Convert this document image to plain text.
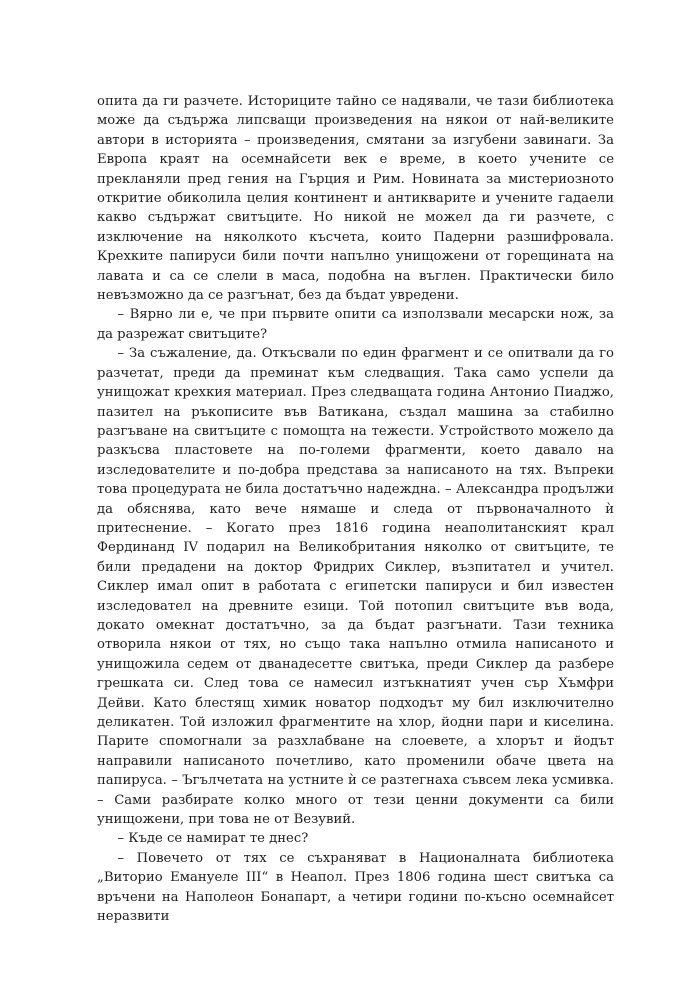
опита да ги разчете. Историците тайно се надявали, че тази библиотека може да съдържа липсващи произведения на някои от най-великите автори в историята – произведения, смятани за изгубени завинаги. За Европа краят на осемнайсети век е време, в което учените се прекланяли пред гения на Гърция и Рим. Новината за мистериозното откритие обиколила целия континент и антикварите и учените гадаели какво съдържат свитъците. Но никой не можел да ги разчете, с изключение на няколкото късчета, които Падерни разшифровала. Крехките папируси били почти напълно унищожени от горещината на лавата и са се слели в маса, подобна на въглен. Практически било невъзможно да се разгънат, без да бъдат увредени.

– Вярно ли е, че при първите опити са използвали месарски нож, за да разрежат свитъците?

– За съжаление, да. Откъсвали по един фрагмент и се опитвали да го разчетат, преди да преминат към следващия. Така само успели да унищожат крехкия материал. През следващата година Антонио Пиаджо, пазител на ръкописите във Ватикана, създал машина за стабилно разгъване на свитъците с помощта на тежести. Устройството можело да разкъсва пластовете на по-големи фрагменти, което давало на изследователите и по-добра представа за написаното на тях. Въпреки това процедурата не била достатъчно надеждна. – Александра продължи да обяснява, като вече нямаше и следа от първоначалното ѝ притеснение. – Когато през 1816 година неаполитанският крал Фердинанд IV подарил на Великобритания няколко от свитъците, те били предадени на доктор Фридрих Сиклер, възпитател и учител. Сиклер имал опит в работата с египетски папируси и бил известен изследовател на древните езици. Той потопил свитъците във вода, докато омекнат достатъчно, за да бъдат разгънати. Тази техника отворила някои от тях, но също така напълно отмила написаното и унищожила седем от дванадесетте свитъка, преди Сиклер да разбере грешката си. След това се намесил изтъкнатият учен сър Хъмфри Дейви. Като блестящ химик новатор подходът му бил изключително деликатен. Той изложил фрагментите на хлор, йодни пари и киселина. Парите спомогнали за разхлабване на слоевете, а хлорът и йодът направили написаното почетливо, като променили обаче цвета на папируса. – Ъгълчетата на устните ѝ се разтегнаха съвсем лека усмивка. – Сами разбирате колко много от тези ценни документи са били унищожени, при това не от Везувий.

– Къде се намират те днес?

– Повечето от тях се съхраняват в Националната библиотека „Виторио Емануеле III“ в Неапол. През 1806 година шест свитъка са връчени на Наполеон Бонапарт, а четири години по-късно осемнайсет неразвити
